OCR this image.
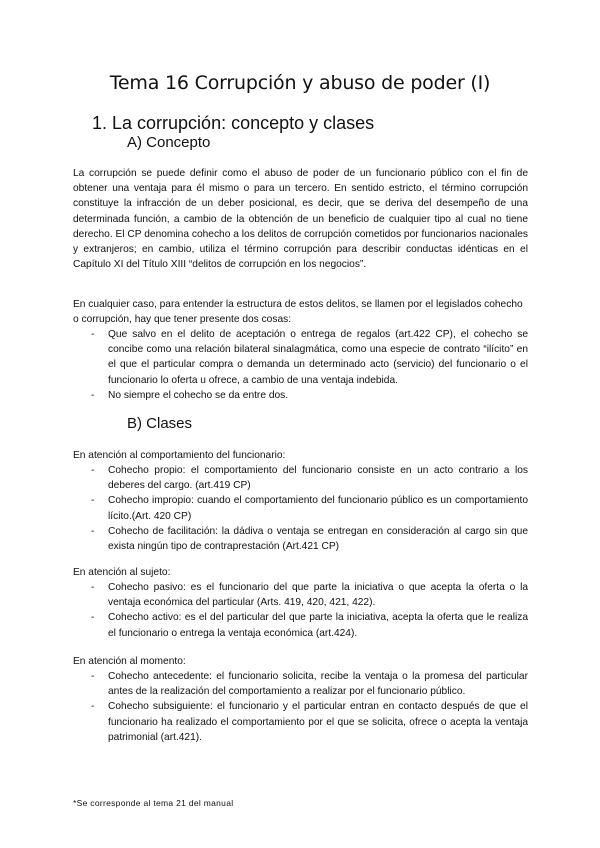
Tema 16 Corrupción y abuso de poder (I)
1. La corrupción: concepto y clases
A) Concepto

La corrupción se puede definir como el abuso de poder de un funcionario público con el fin de obtener una ventaja para él mismo o para un tercero. En sentido estricto, el término corrupción constituye la infracción de un deber posicional, es decir, que se deriva del desempeño de una determinada función, a cambio de la obtención de un beneficio de cualquier tipo al cual no tiene derecho. El CP denomina cohecho a los delitos de corrupción cometidos por funcionarios nacionales y extranjeros; en cambio, utiliza el término corrupción para describir conductas idénticas en el Capítulo XI del Título XIII “delitos de corrupción en los negocios”.

En cualquier caso, para entender la estructura de estos delitos, se llamen por el legislados cohecho o corrupción, hay que tener presente dos cosas:

- Que salvo en el delito de aceptación o entrega de regalos (art.422 CP), el cohecho se concibe como una relación bilateral sinalagmática, como una especie de contrato “ilícito” en el que el particular compra o demanda un determinado acto (servicio) del funcionario o el funcionario lo oferta u ofrece, a cambio de una ventaja indebida.
- No siempre el cohecho se da entre dos.
B) Clases
En atención al comportamiento del funcionario:
- Cohecho propio: el comportamiento del funcionario consiste en un acto contrario a los deberes del cargo. (art.419 CP)
- Cohecho impropio: cuando el comportamiento del funcionario público es un comportamiento lícito.(Art. 420 CP)
- Cohecho de facilitación: la dádiva o ventaja se entregan en consideración al cargo sin que exista ningún tipo de contraprestación (Art.421 CP)
En atención al sujeto:
- Cohecho pasivo: es el funcionario del que parte la iniciativa o que acepta la oferta o la ventaja económica del particular (Arts. 419, 420, 421, 422).
- Cohecho activo: es el del particular del que parte la iniciativa, acepta la oferta que le realiza el funcionario o entrega la ventaja económica (art.424).
En atención al momento:
- Cohecho antecedente: el funcionario solicita, recibe la ventaja o la promesa del particular antes de la realización del comportamiento a realizar por el funcionario público.
- Cohecho subsiguiente: el funcionario y el particular entran en contacto después de que el funcionario ha realizado el comportamiento por el que se solicita, ofrece o acepta la ventaja patrimonial (art.421).
*Se corresponde al tema 21 del manual
